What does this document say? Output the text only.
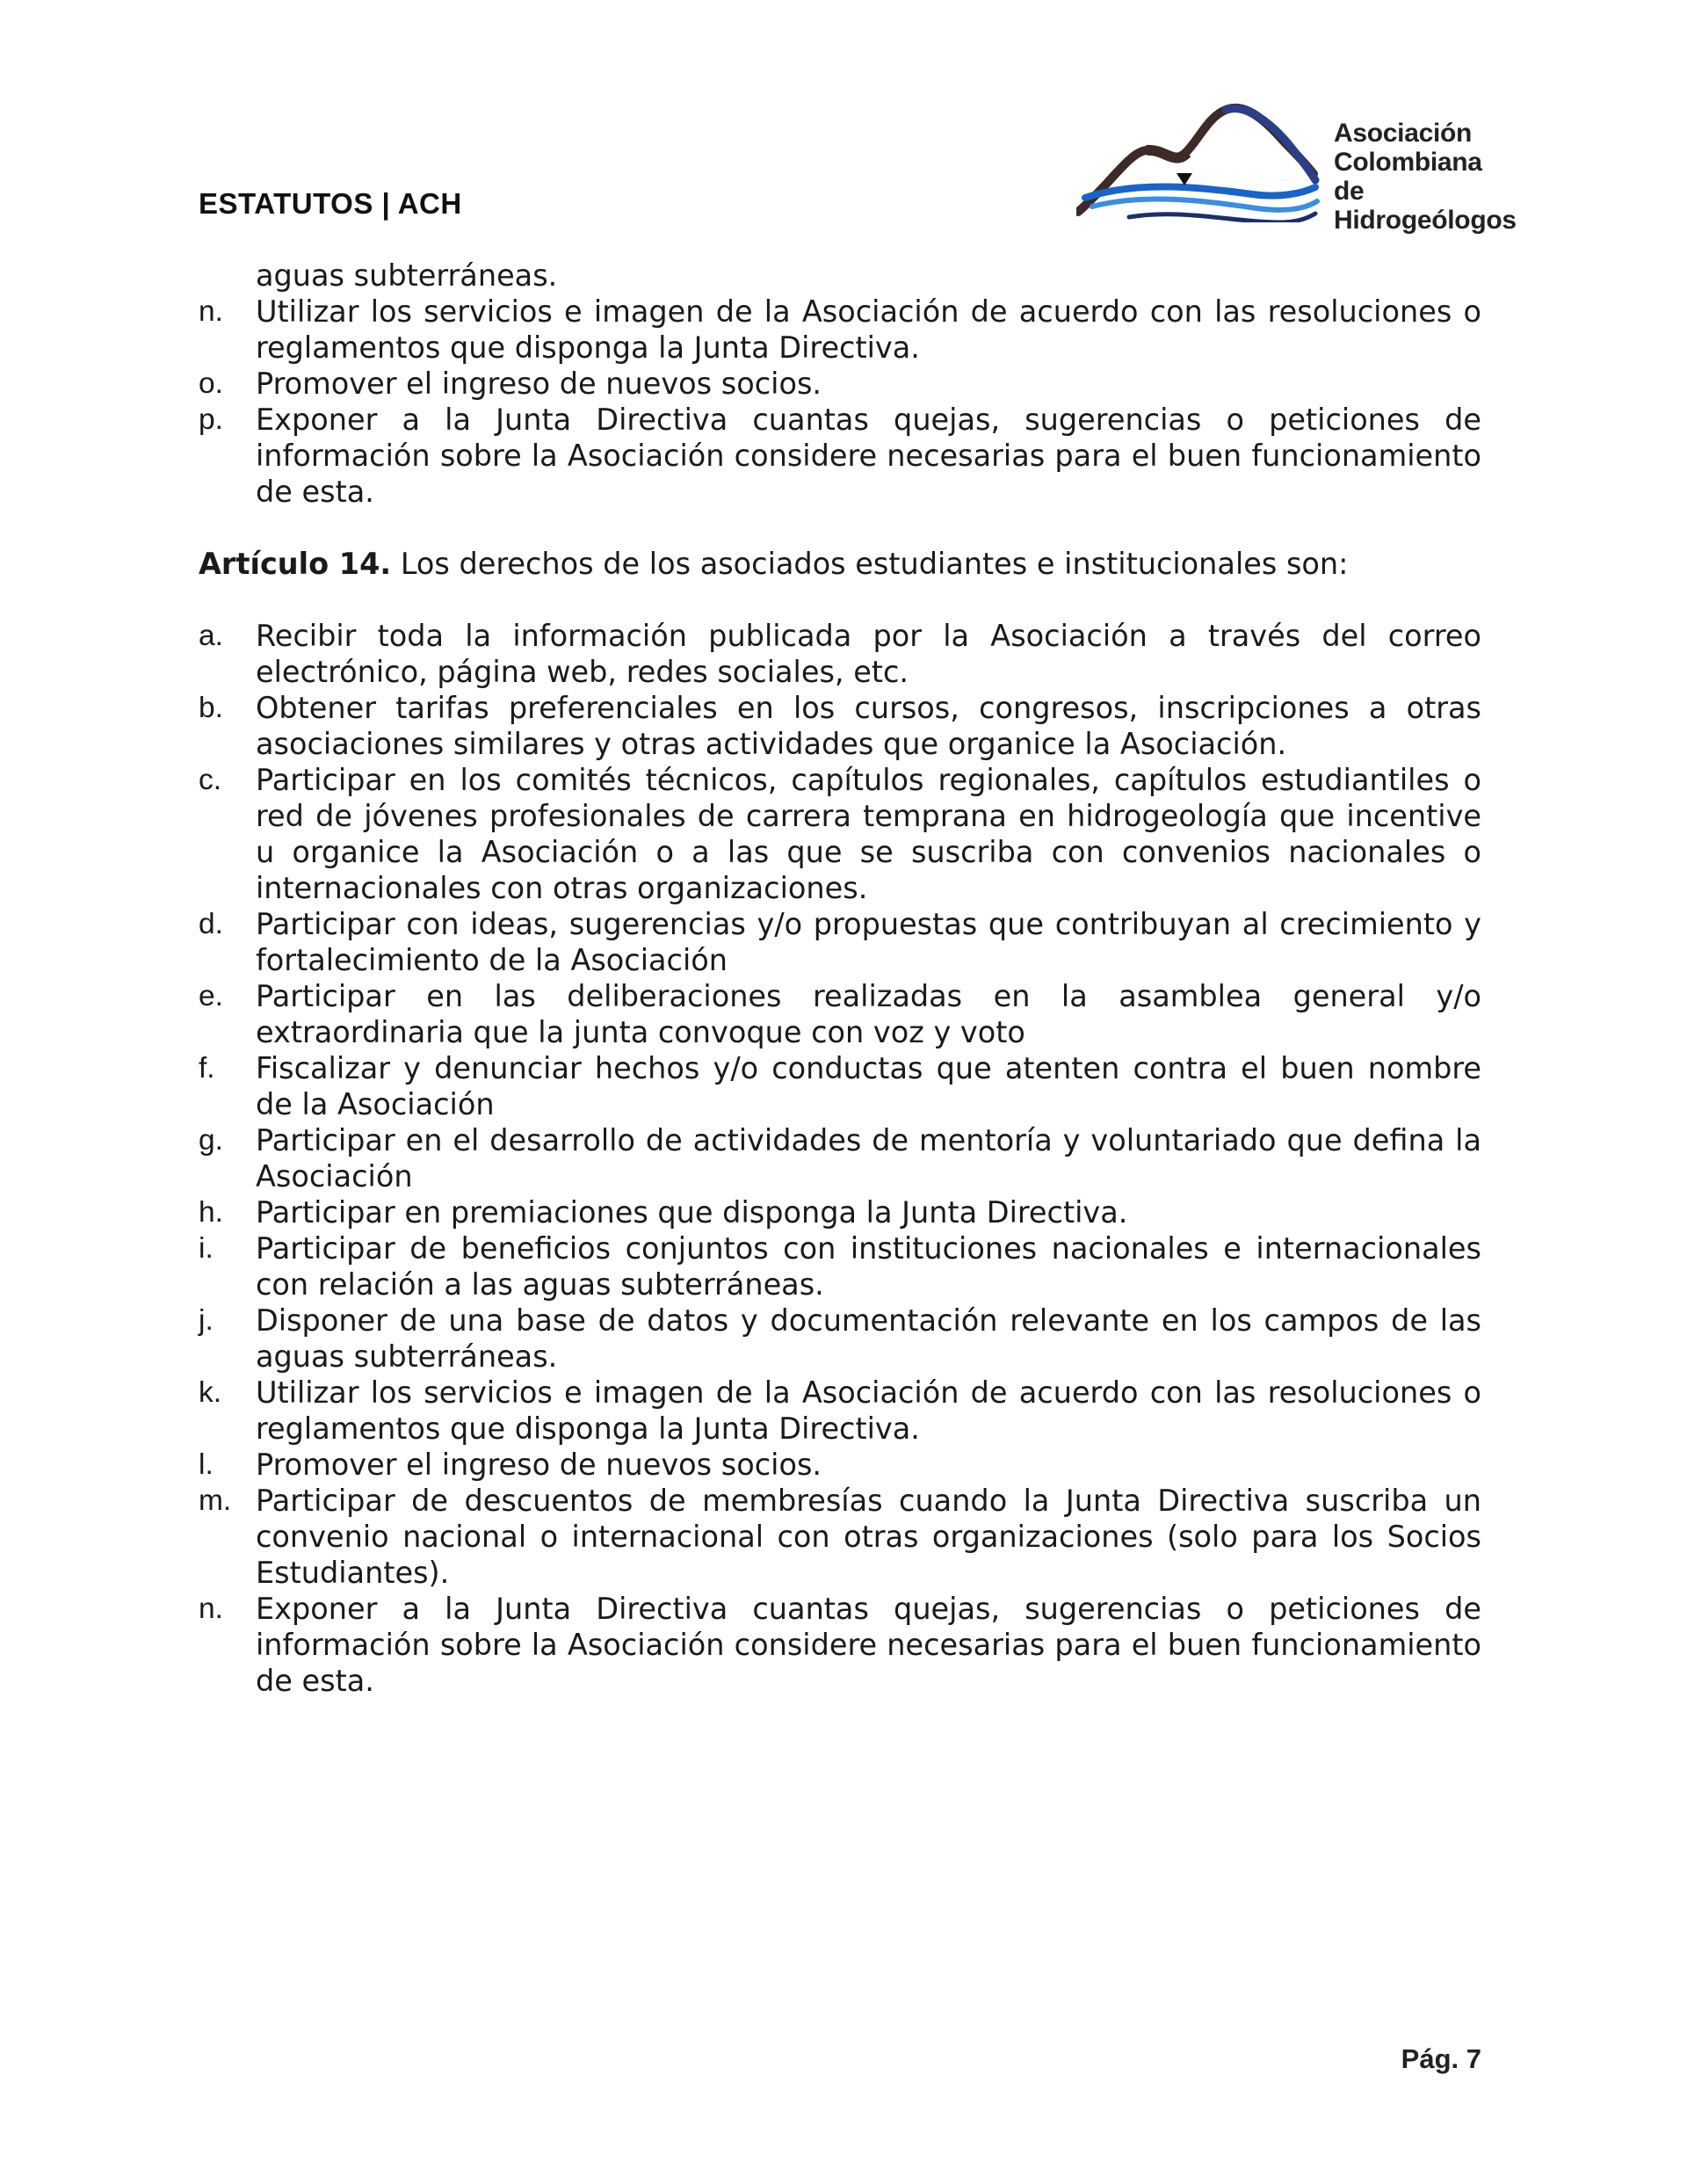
ESTATUTOS | ACH
Asociación
Colombiana de
Hidrogeólogos
aguas subterráneas.
n. Utilizar los servicios e imagen de la Asociación de acuerdo con las resoluciones o reglamentos que disponga la Junta Directiva.
o. Promover el ingreso de nuevos socios.
p. Exponer a la Junta Directiva cuantas quejas, sugerencias o peticiones de información sobre la Asociación considere necesarias para el buen funcionamiento de esta.
Artículo 14. Los derechos de los asociados estudiantes e institucionales son:
a. Recibir toda la información publicada por la Asociación a través del correo electrónico, página web, redes sociales, etc.
b. Obtener tarifas preferenciales en los cursos, congresos, inscripciones a otras asociaciones similares y otras actividades que organice la Asociación.
c. Participar en los comités técnicos, capítulos regionales, capítulos estudiantiles o red de jóvenes profesionales de carrera temprana en hidrogeología que incentive u organice la Asociación o a las que se suscriba con convenios nacionales o internacionales con otras organizaciones.
d. Participar con ideas, sugerencias y/o propuestas que contribuyan al crecimiento y fortalecimiento de la Asociación
e. Participar en las deliberaciones realizadas en la asamblea general y/o extraordinaria que la junta convoque con voz y voto
f. Fiscalizar y denunciar hechos y/o conductas que atenten contra el buen nombre de la Asociación
g. Participar en el desarrollo de actividades de mentoría y voluntariado que defina la Asociación
h. Participar en premiaciones que disponga la Junta Directiva.
i. Participar de beneficios conjuntos con instituciones nacionales e internacionales con relación a las aguas subterráneas.
j. Disponer de una base de datos y documentación relevante en los campos de las aguas subterráneas.
k. Utilizar los servicios e imagen de la Asociación de acuerdo con las resoluciones o reglamentos que disponga la Junta Directiva.
l. Promover el ingreso de nuevos socios.
m. Participar de descuentos de membresías cuando la Junta Directiva suscriba un convenio nacional o internacional con otras organizaciones (solo para los Socios Estudiantes).
n. Exponer a la Junta Directiva cuantas quejas, sugerencias o peticiones de información sobre la Asociación considere necesarias para el buen funcionamiento de esta.
Pág. 7
